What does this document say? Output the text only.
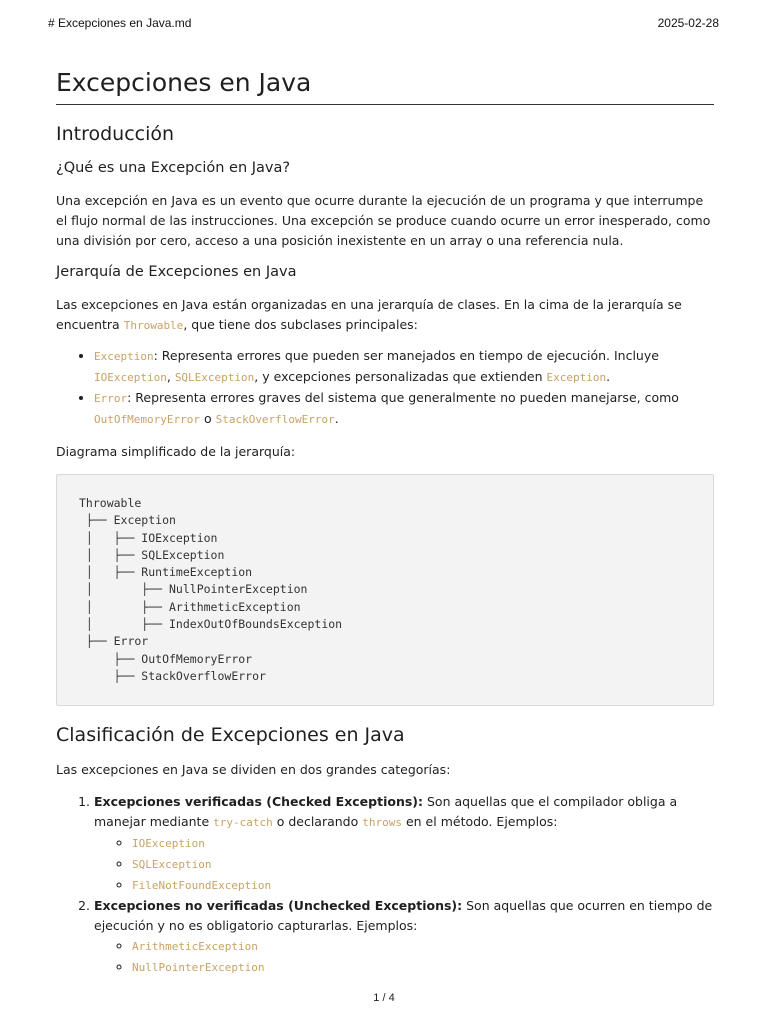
# Excepciones en Java.md	2025-02-28
Excepciones en Java
Introducción
¿Qué es una Excepción en Java?

Una excepción en Java es un evento que ocurre durante la ejecución de un programa y que interrumpe el flujo normal de las instrucciones. Una excepción se produce cuando ocurre un error inesperado, como una división por cero, acceso a una posición inexistente en un array o una referencia nula.

Jerarquía de Excepciones en Java

Las excepciones en Java están organizadas en una jerarquía de clases. En la cima de la jerarquía se encuentra Throwable, que tiene dos subclases principales:

• Exception: Representa errores que pueden ser manejados en tiempo de ejecución. Incluye IOException, SQLException, y excepciones personalizadas que extienden Exception.
• Error: Representa errores graves del sistema que generalmente no pueden manejarse, como OutOfMemoryError o StackOverflowError.

Diagrama simplificado de la jerarquía:

Throwable
├── Exception
│   ├── IOException
│   ├── SQLException
│   ├── RuntimeException
│       ├── NullPointerException
│       ├── ArithmeticException
│       ├── IndexOutOfBoundsException
├── Error
├── OutOfMemoryError
├── StackOverflowError
Clasificación de Excepciones en Java

Las excepciones en Java se dividen en dos grandes categorías:

1. Excepciones verificadas (Checked Exceptions): Son aquellas que el compilador obliga a manejar mediante try-catch o declarando throws en el método. Ejemplos:
◦ IOException
◦ SQLException
◦ FileNotFoundException
2. Excepciones no verificadas (Unchecked Exceptions): Son aquellas que ocurren en tiempo de ejecución y no es obligatorio capturarlas. Ejemplos:
◦ ArithmeticException
◦ NullPointerException
1 / 4
